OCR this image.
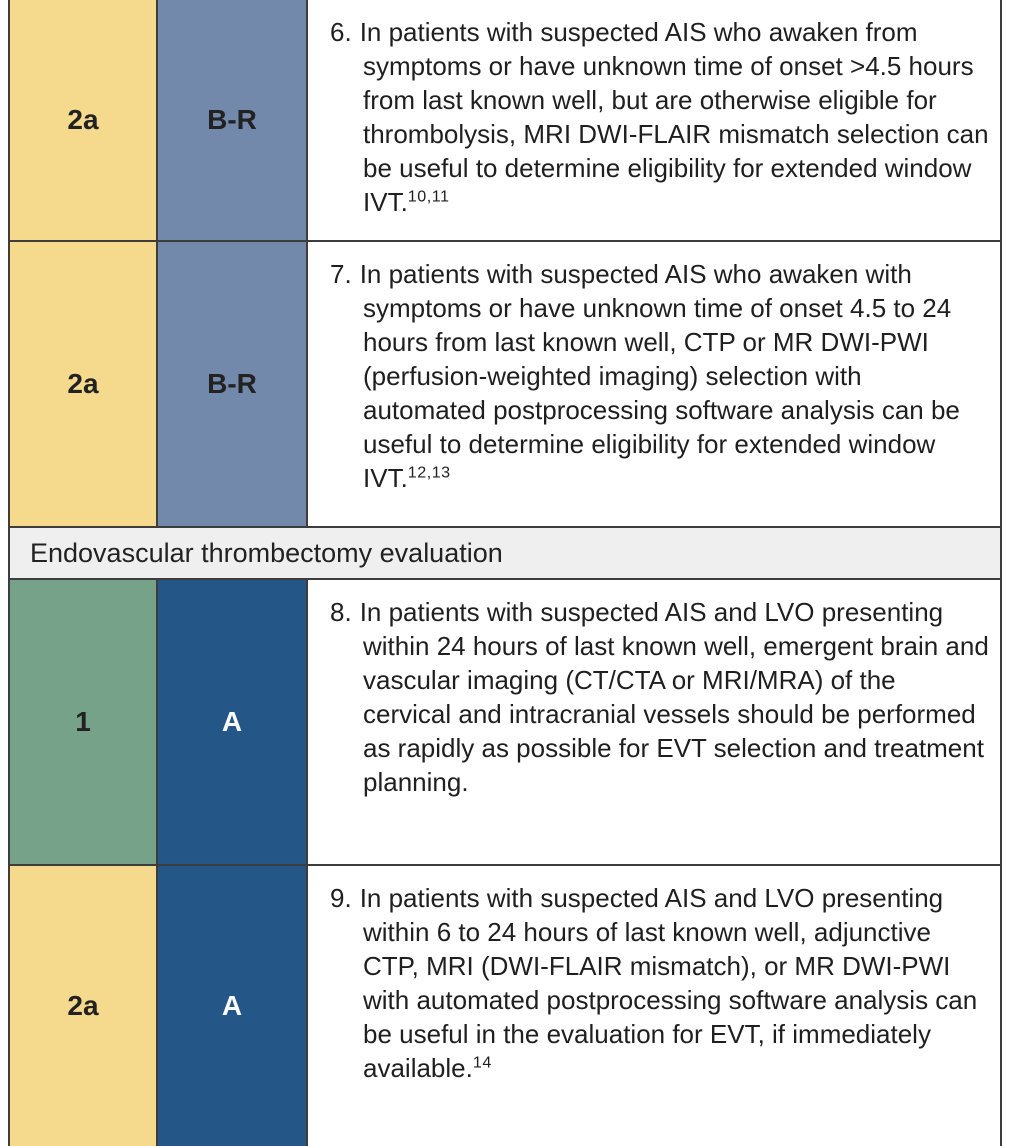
2a	B-R
6. In patients with suspected AIS who awaken from symptoms or have unknown time of onset >4.5 hours from last known well, but are otherwise eligible for thrombolysis, MRI DWI-FLAIR mismatch selection can be useful to determine eligibility for extended window IVT.$^{10,11}$
2a	B-R
7. In patients with suspected AIS who awaken with symptoms or have unknown time of onset 4.5 to 24 hours from last known well, CTP or MR DWI-PWI (perfusion-weighted imaging) selection with automated postprocessing software analysis can be useful to determine eligibility for extended window IVT.$^{12,13}$
Endovascular thrombectomy evaluation
1	A
8. In patients with suspected AIS and LVO presenting within 24 hours of last known well, emergent brain and vascular imaging (CT/CTA or MRI/MRA) of the cervical and intracranial vessels should be performed as rapidly as possible for EVT selection and treatment planning.
2a	A
9. In patients with suspected AIS and LVO presenting within 6 to 24 hours of last known well, adjunctive CTP, MRI (DWI-FLAIR mismatch), or MR DWI-PWI with automated postprocessing software analysis can be useful in the evaluation for EVT, if immediately available.$^{14}$
